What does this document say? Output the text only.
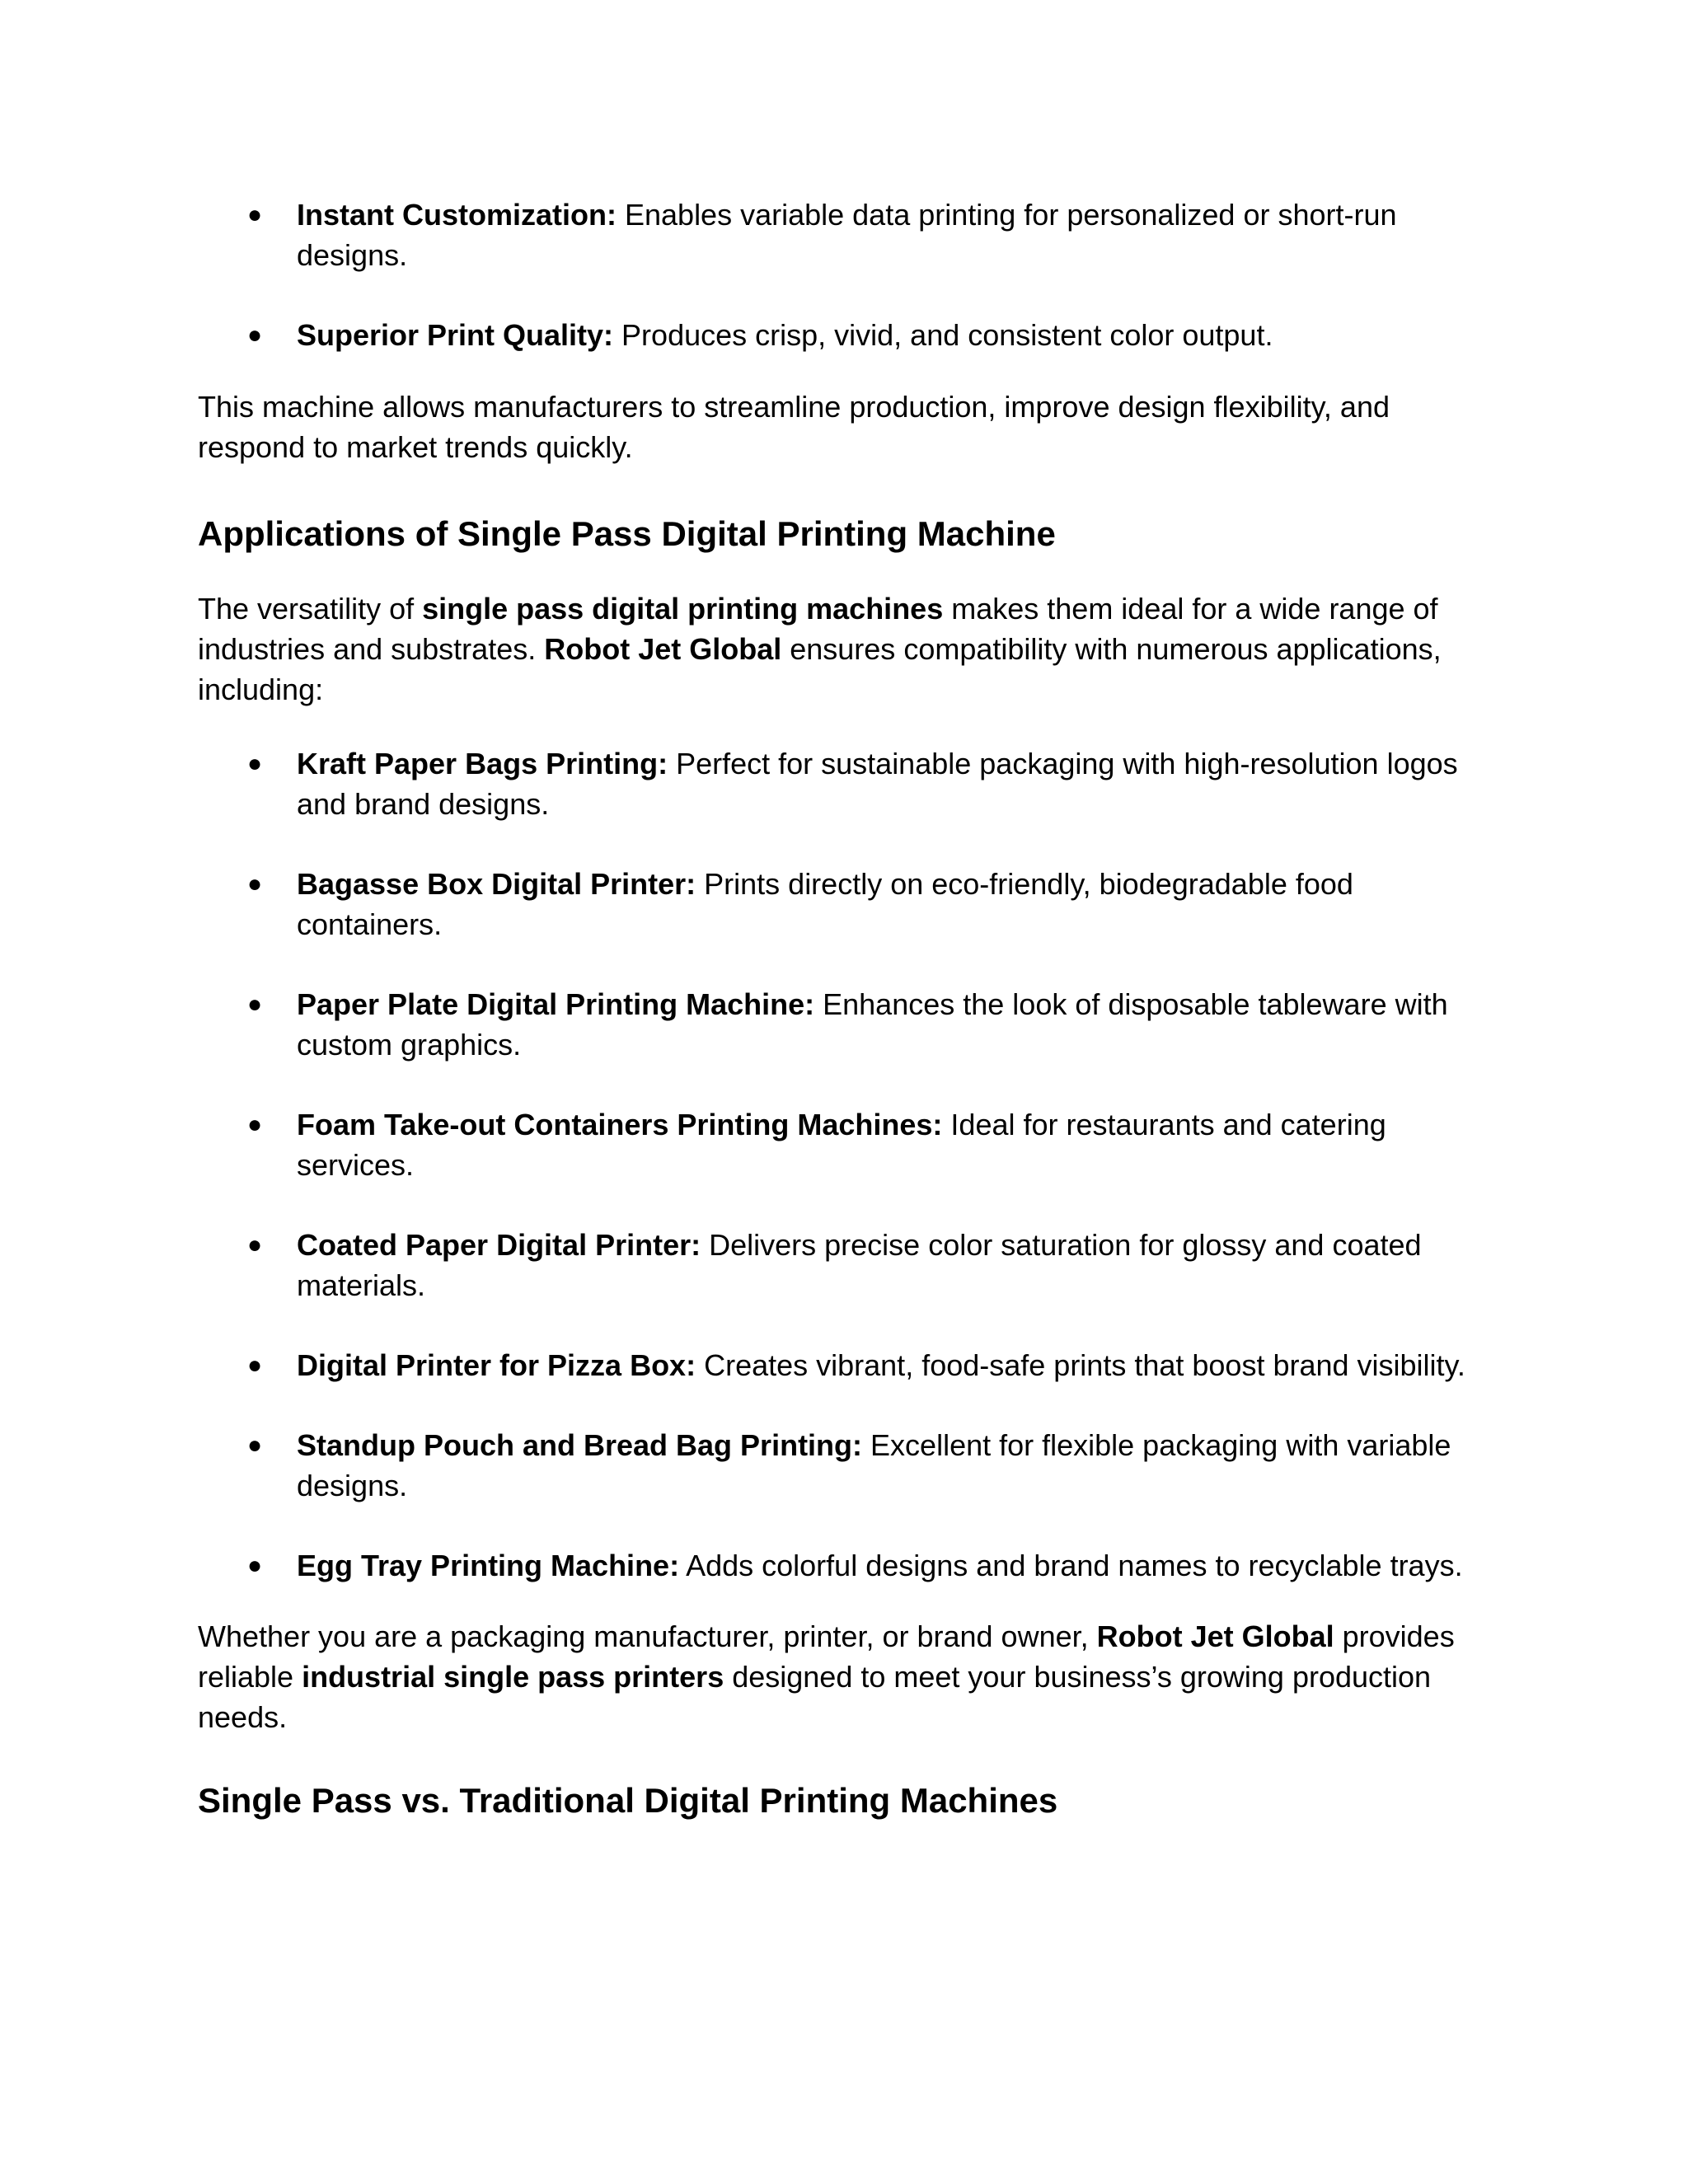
● Instant Customization: Enables variable data printing for personalized or short-run designs.
● Superior Print Quality: Produces crisp, vivid, and consistent color output.

This machine allows manufacturers to streamline production, improve design flexibility, and respond to market trends quickly.

Applications of Single Pass Digital Printing Machine

The versatility of single pass digital printing machines makes them ideal for a wide range of industries and substrates. Robot Jet Global ensures compatibility with numerous applications, including:

● Kraft Paper Bags Printing: Perfect for sustainable packaging with high-resolution logos and brand designs.
● Bagasse Box Digital Printer: Prints directly on eco-friendly, biodegradable food containers.
● Paper Plate Digital Printing Machine: Enhances the look of disposable tableware with custom graphics.
● Foam Take-out Containers Printing Machines: Ideal for restaurants and catering services.
● Coated Paper Digital Printer: Delivers precise color saturation for glossy and coated materials.
● Digital Printer for Pizza Box: Creates vibrant, food-safe prints that boost brand visibility.
● Standup Pouch and Bread Bag Printing: Excellent for flexible packaging with variable designs.
● Egg Tray Printing Machine: Adds colorful designs and brand names to recyclable trays.

Whether you are a packaging manufacturer, printer, or brand owner, Robot Jet Global provides reliable industrial single pass printers designed to meet your business’s growing production needs.

Single Pass vs. Traditional Digital Printing Machines
